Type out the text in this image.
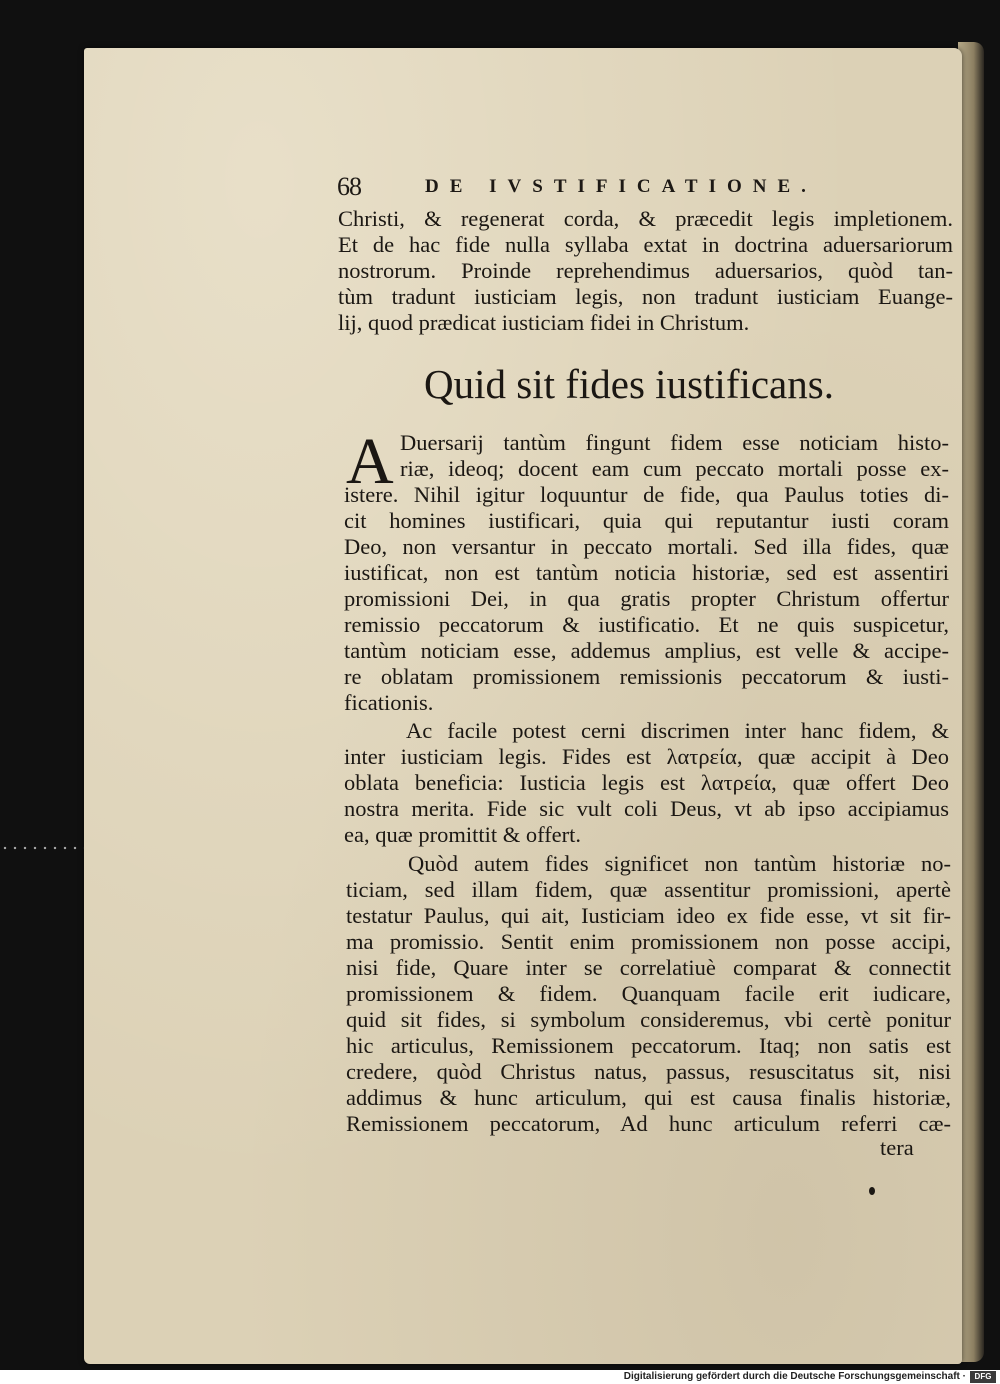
68	DE IVSTIFICATIONE.
Christi, & regenerat corda, & præcedit legis impletionem.
Et de hac fide nulla syllaba extat in doctrina aduersariorum
nostrorum. Proinde reprehendimus aduersarios, quòd tan-
tùm tradunt iusticiam legis, non tradunt iusticiam Euange-
lij, quod prædicat iusticiam fidei in Christum.
Quid sit fides iustificans.
A Duersarij tantùm fingunt fidem esse noticiam histo-
riæ, ideoq; docent eam cum peccato mortali posse ex-
istere. Nihil igitur loquuntur de fide, qua Paulus toties di-
cit homines iustificari, quia qui reputantur iusti coram
Deo, non versantur in peccato mortali. Sed illa fides, quæ
iustificat, non est tantùm noticia historiæ, sed est assentiri
promissioni Dei, in qua gratis propter Christum offertur
remissio peccatorum & iustificatio. Et ne quis suspicetur,
tantùm noticiam esse, addemus amplius, est velle & accipe-
re oblatam promissionem remissionis peccatorum & iusti-
ficationis.
Ac facile potest cerni discrimen inter hanc fidem, &
inter iusticiam legis. Fides est λατρεία, quæ accipit à Deo
oblata beneficia: Iusticia legis est λατρεία, quæ offert Deo
nostra merita. Fide sic vult coli Deus, vt ab ipso accipiamus
ea, quæ promittit & offert.
Quòd autem fides significet non tantùm historiæ no-
ticiam, sed illam fidem, quæ assentitur promissioni, apertè
testatur Paulus, qui ait, Iusticiam ideo ex fide esse, vt sit fir-
ma promissio. Sentit enim promissionem non posse accipi,
nisi fide, Quare inter se correlatiuè comparat & connectit
promissionem & fidem. Quanquam facile erit iudicare,
quid sit fides, si symbolum consideremus, vbi certè ponitur
hic articulus, Remissionem peccatorum. Itaq; non satis est
credere, quòd Christus natus, passus, resuscitatus sit, nisi
addimus & hunc articulum, qui est causa finalis historiæ,
Remissionem peccatorum, Ad hunc articulum referri cæ-
tera
Digitalisierung gefördert durch die Deutsche Forschungsgemeinschaft ·	DFG
